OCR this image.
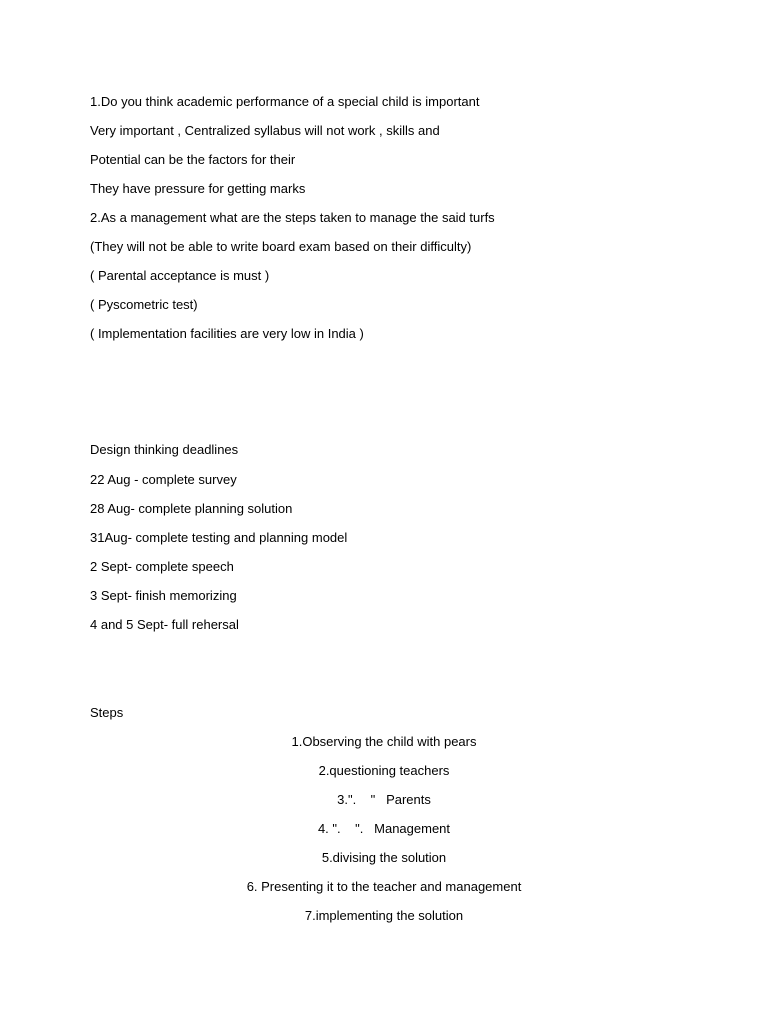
1.Do you think academic performance of a special child is important
Very important , Centralized syllabus will not work , skills and
Potential can be the factors for their
They have pressure for getting marks
2.As a management what are the steps taken to manage the said turfs
(They will not be able to write board exam based on their difficulty)
( Parental acceptance is must )
( Pyscometric test)
( Implementation facilities are very low in India )
Design thinking deadlines
22 Aug - complete survey
28 Aug- complete planning solution
31Aug- complete testing and planning model
2 Sept- complete speech
3 Sept- finish memorizing
4 and 5 Sept- full rehersal
Steps
1.Observing the child with pears
2.questioning teachers
3.".    "   Parents
4. ".    ".   Management
5.divising the solution
6. Presenting it to the teacher and management
7.implementing the solution
